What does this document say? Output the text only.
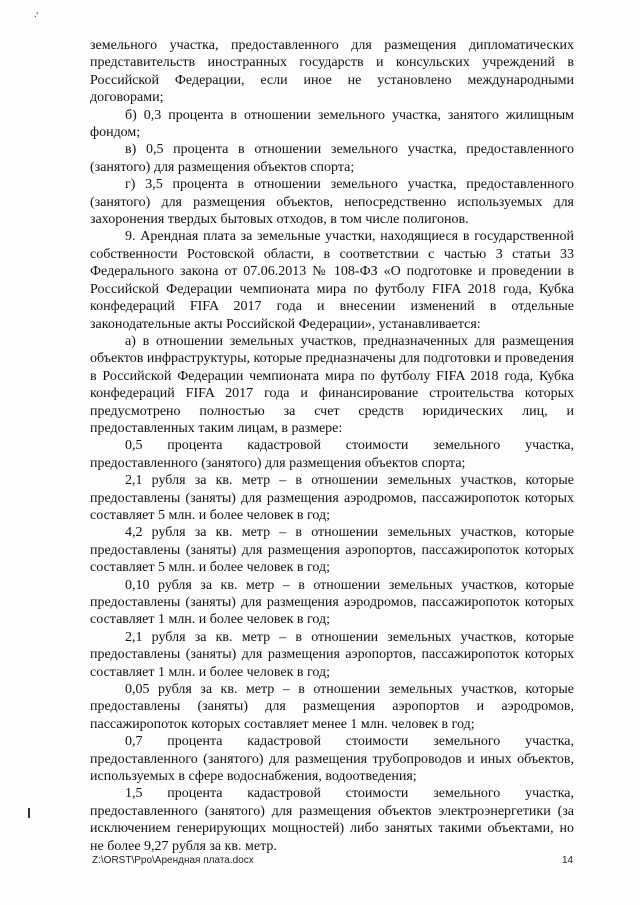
·ʼ

земельного участка, предоставленного для размещения дипломатических представительств иностранных государств и консульских учреждений в Российской Федерации, если иное не установлено международными договорами;

б) 0,3 процента в отношении земельного участка, занятого жилищным фондом;

в) 0,5 процента в отношении земельного участка, предоставленного (занятого) для размещения объектов спорта;

г) 3,5 процента в отношении земельного участка, предоставленного (занятого) для размещения объектов, непосредственно используемых для захоронения твердых бытовых отходов, в том числе полигонов.

9. Арендная плата за земельные участки, находящиеся в государственной собственности Ростовской области, в соответствии с частью 3 статьи 33 Федерального закона от 07.06.2013 № 108-ФЗ «О подготовке и проведении в Российской Федерации чемпионата мира по футболу FIFA 2018 года, Кубка конфедераций FIFA 2017 года и внесении изменений в отдельные законодательные акты Российской Федерации», устанавливается:

а) в отношении земельных участков, предназначенных для размещения объектов инфраструктуры, которые предназначены для подготовки и проведения в Российской Федерации чемпионата мира по футболу FIFA 2018 года, Кубка конфедераций FIFA 2017 года и финансирование строительства которых предусмотрено полностью за счет средств юридических лиц, и предоставленных таким лицам, в размере:

0,5 процента кадастровой стоимости земельного участка, предоставленного (занятого) для размещения объектов спорта;

2,1 рубля за кв. метр – в отношении земельных участков, которые предоставлены (заняты) для размещения аэродромов, пассажиропоток которых составляет 5 млн. и более человек в год;

4,2 рубля за кв. метр – в отношении земельных участков, которые предоставлены (заняты) для размещения аэропортов, пассажиропоток которых составляет 5 млн. и более человек в год;

0,10 рубля за кв. метр – в отношении земельных участков, которые предоставлены (заняты) для размещения аэродромов, пассажиропоток которых составляет 1 млн. и более человек в год;

2,1 рубля за кв. метр – в отношении земельных участков, которые предоставлены (заняты) для размещения аэропортов, пассажиропоток которых составляет 1 млн. и более человек в год;

0,05 рубля за кв. метр – в отношении земельных участков, которые предоставлены (заняты) для размещения аэропортов и аэродромов, пассажиропоток которых составляет менее 1 млн. человек в год;

0,7 процента кадастровой стоимости земельного участка, предоставленного (занятого) для размещения трубопроводов и иных объектов, используемых в сфере водоснабжения, водоотведения;

1,5 процента кадастровой стоимости земельного участка, предоставленного (занятого) для размещения объектов электроэнергетики (за исключением генерирующих мощностей) либо занятых такими объектами, но не более 9,27 рубля за кв. метр.

Z:\ORST\Ppo\Арендная плата.docx	14
